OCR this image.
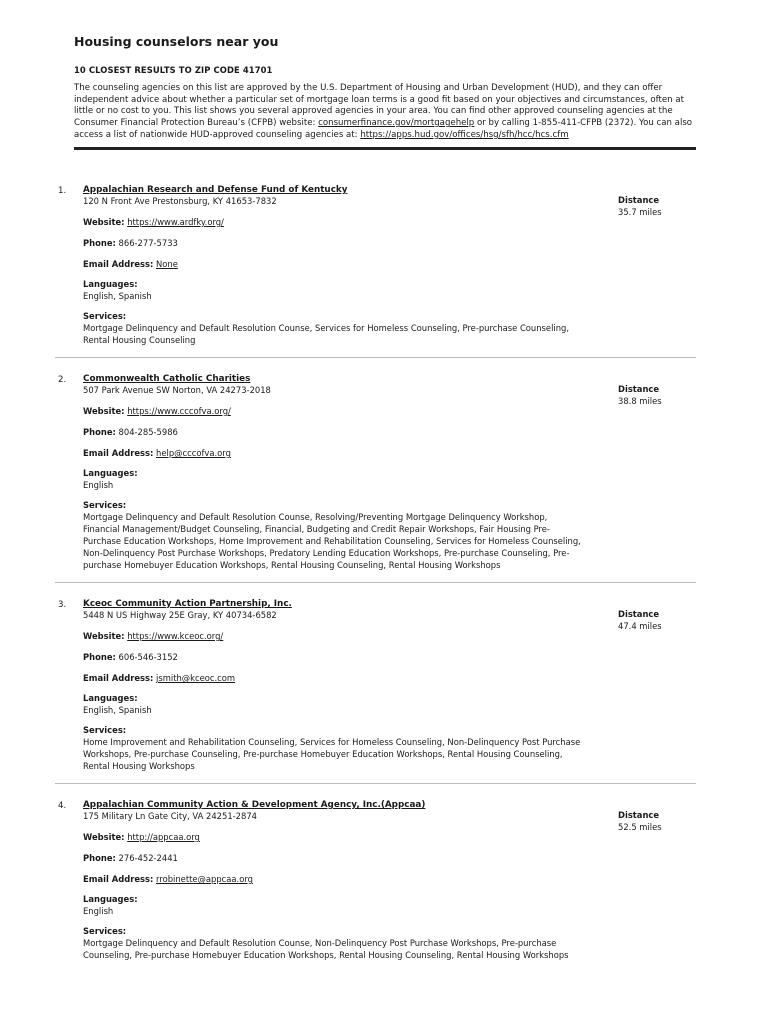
Housing counselors near you
10 CLOSEST RESULTS TO ZIP CODE 41701

The counseling agencies on this list are approved by the U.S. Department of Housing and Urban Development (HUD), and they can offer independent advice about whether a particular set of mortgage loan terms is a good fit based on your objectives and circumstances, often at little or no cost to you. This list shows you several approved agencies in your area. You can find other approved counseling agencies at the Consumer Financial Protection Bureau’s (CFPB) website: consumerfinance.gov/mortgagehelp or by calling 1-855-411-CFPB (2372). You can also access a list of nationwide HUD-approved counseling agencies at: https://apps.hud.gov/offices/hsg/sfh/hcc/hcs.cfm

1. Appalachian Research and Defense Fund of Kentucky
120 N Front Ave Prestonsburg, KY 41653-7832
Website: https://www.ardfky.org/
Phone: 866-277-5733
Email Address: None
Languages:
English, Spanish
Services:
Mortgage Delinquency and Default Resolution Counse, Services for Homeless Counseling, Pre-purchase Counseling, Rental Housing Counseling
Distance
35.7 miles
2. Commonwealth Catholic Charities
507 Park Avenue SW Norton, VA 24273-2018
Website: https://www.cccofva.org/
Phone: 804-285-5986
Email Address: help@cccofva.org
Languages:
English
Services:
Mortgage Delinquency and Default Resolution Counse, Resolving/Preventing Mortgage Delinquency Workshop, Financial Management/Budget Counseling, Financial, Budgeting and Credit Repair Workshops, Fair Housing Pre-Purchase Education Workshops, Home Improvement and Rehabilitation Counseling, Services for Homeless Counseling, Non-Delinquency Post Purchase Workshops, Predatory Lending Education Workshops, Pre-purchase Counseling, Pre-purchase Homebuyer Education Workshops, Rental Housing Counseling, Rental Housing Workshops
Distance
38.8 miles
3. Kceoc Community Action Partnership, Inc.
5448 N US Highway 25E Gray, KY 40734-6582
Website: https://www.kceoc.org/
Phone: 606-546-3152
Email Address: jsmith@kceoc.com
Languages:
English, Spanish
Services:
Home Improvement and Rehabilitation Counseling, Services for Homeless Counseling, Non-Delinquency Post Purchase Workshops, Pre-purchase Counseling, Pre-purchase Homebuyer Education Workshops, Rental Housing Counseling, Rental Housing Workshops
Distance
47.4 miles
4. Appalachian Community Action & Development Agency, Inc.(Appcaa)
175 Military Ln Gate City, VA 24251-2874
Website: http://appcaa.org
Phone: 276-452-2441
Email Address: rrobinette@appcaa.org
Languages:
English
Services:
Mortgage Delinquency and Default Resolution Counse, Non-Delinquency Post Purchase Workshops, Pre-purchase Counseling, Pre-purchase Homebuyer Education Workshops, Rental Housing Counseling, Rental Housing Workshops
Distance
52.5 miles
